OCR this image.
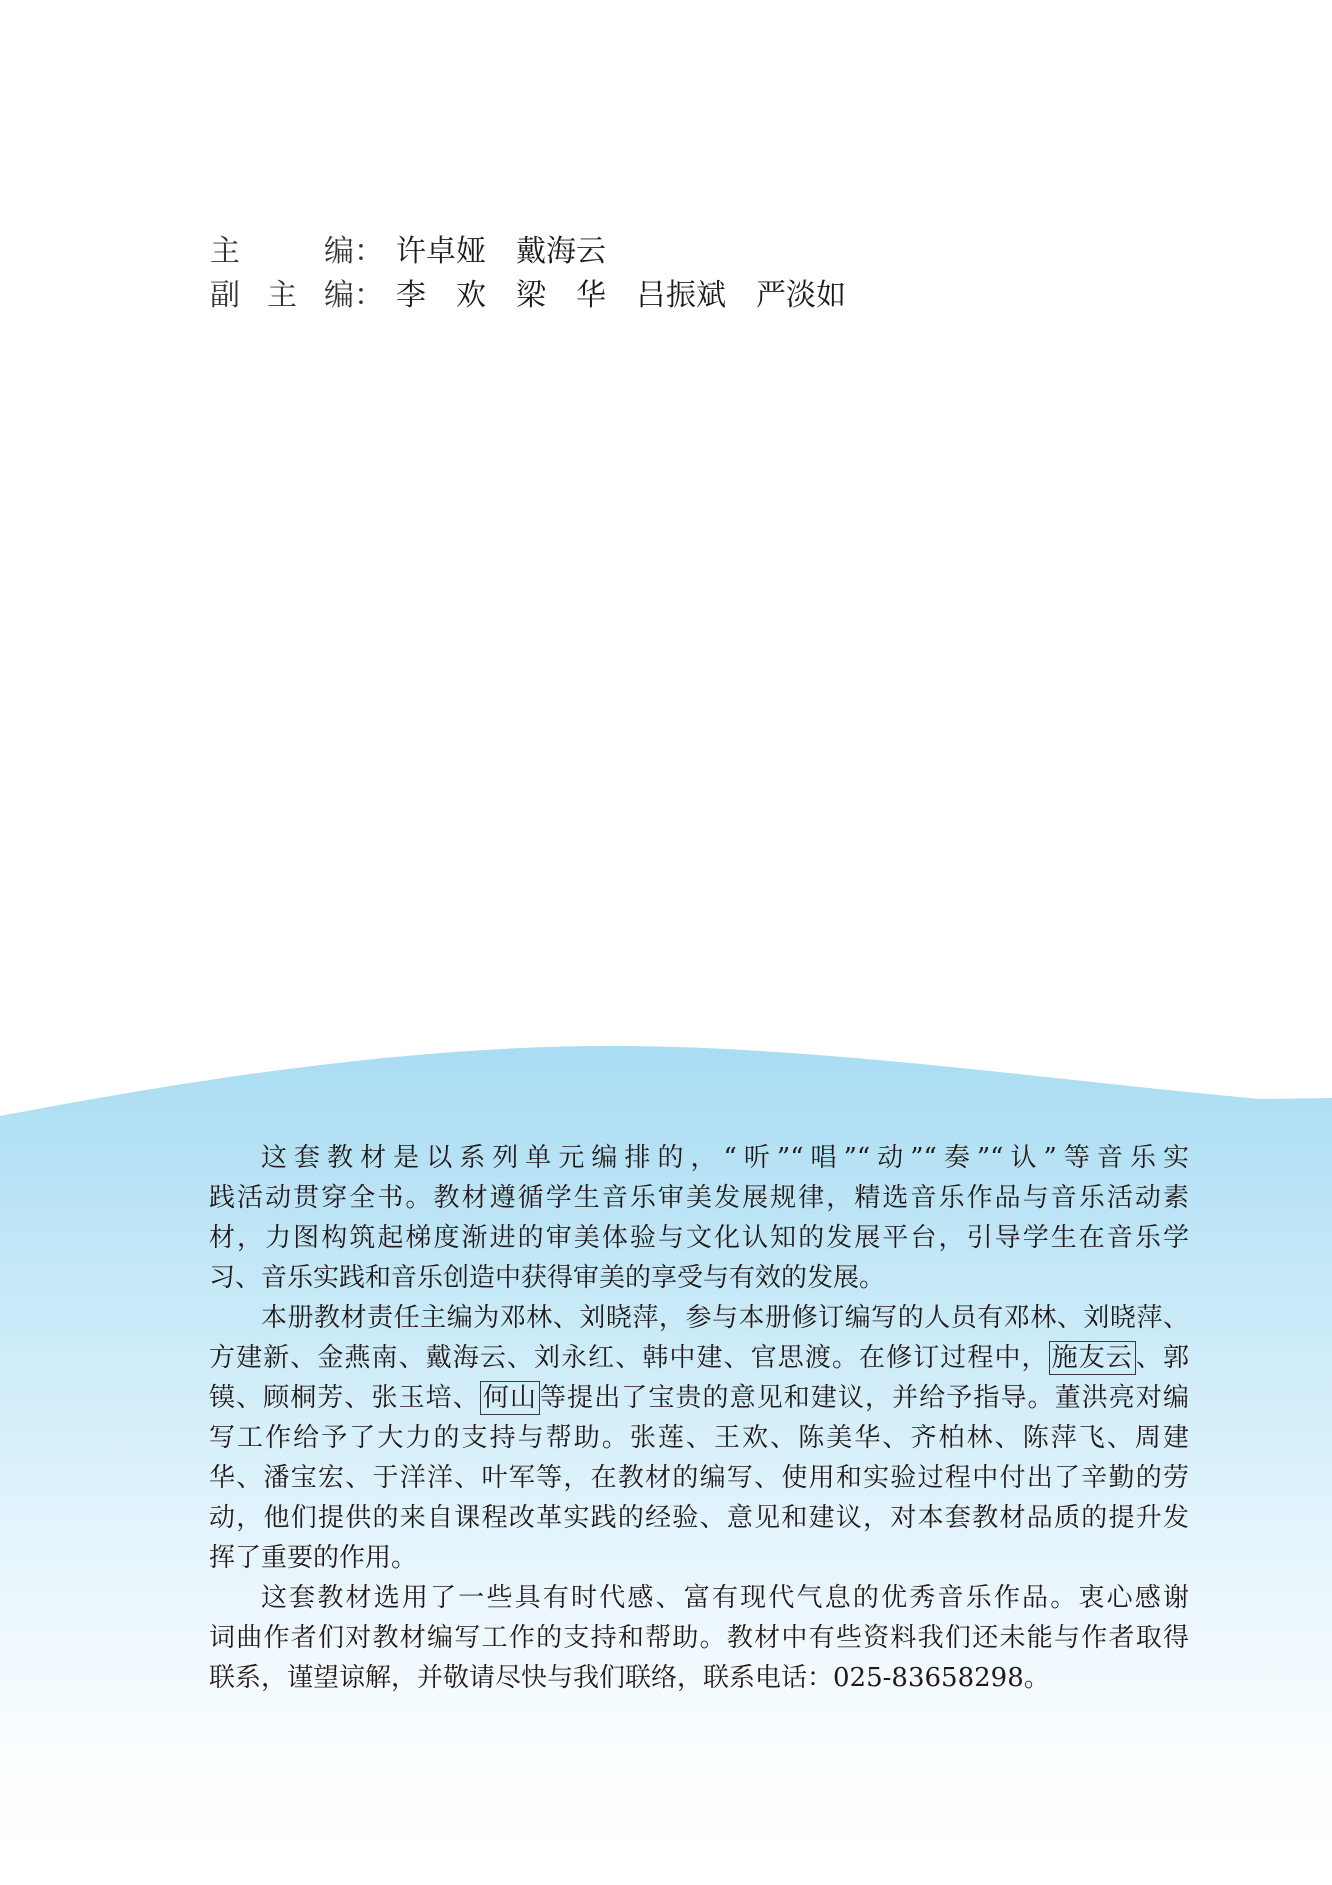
主	编 ： 许卓娅 戴海云
副 主 编 ： 李　欢 梁　华 吕振斌 严淡如
这套教材是以系列单元编排的，“听”“唱”“动”“奏”“认”等音乐实
践活动贯穿全书。教材遵循学生音乐审美发展规律，精选音乐作品与音乐活动素
材，力图构筑起梯度渐进的审美体验与文化认知的发展平台，引导学生在音乐学
习、音乐实践和音乐创造中获得审美的享受与有效的发展。
本册教材责任主编为邓林、刘晓萍，参与本册修订编写的人员有邓林、刘晓萍、
方建新、金燕南、戴海云、刘永红、韩中建、官思渡。在修订过程中， 施友云 、郭
镆、顾桐芳、张玉培、 何山 等提出了宝贵的意见和建议，并给予指导。董洪亮对编
写工作给予了大力的支持与帮助。张莲、王欢、陈美华、齐柏林、陈萍飞、周建
华、潘宝宏、于洋洋、叶军等，在教材的编写、使用和实验过程中付出了辛勤的劳
动，他们提供的来自课程改革实践的经验、意见和建议，对本套教材品质的提升发
挥了重要的作用。
这套教材选用了一些具有时代感、富有现代气息的优秀音乐作品。衷心感谢
词曲作者们对教材编写工作的支持和帮助。教材中有些资料我们还未能与作者取得
联系，谨望谅解，并敬请尽快与我们联络，联系电话：025-83658298。
